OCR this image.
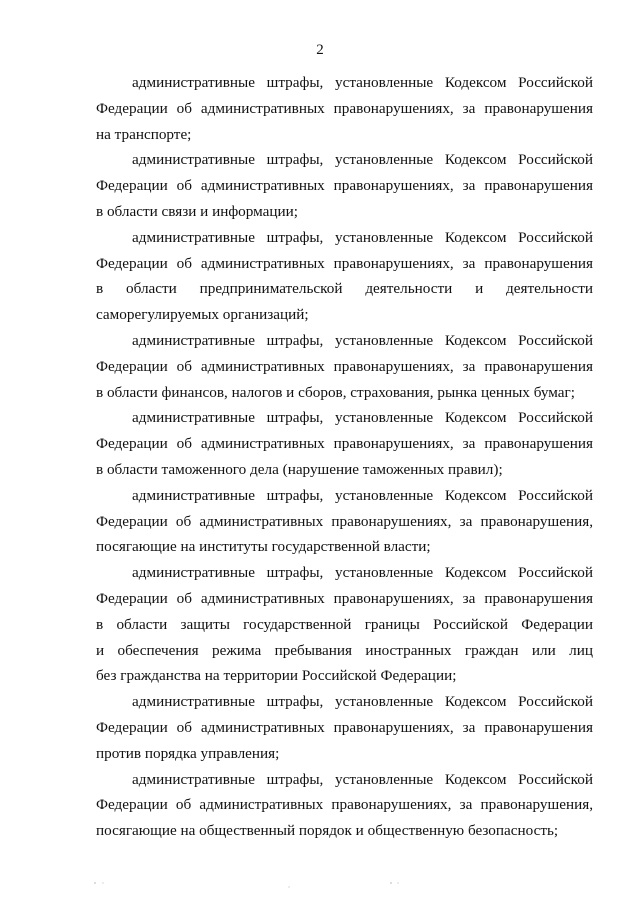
2

административные штрафы, установленные Кодексом Российской
Федерации об административных правонарушениях, за правонарушения
на транспорте;

административные штрафы, установленные Кодексом Российской
Федерации об административных правонарушениях, за правонарушения
в области связи и информации;

административные штрафы, установленные Кодексом Российской
Федерации об административных правонарушениях, за правонарушения
в области предпринимательской деятельности и деятельности
саморегулируемых организаций;

административные штрафы, установленные Кодексом Российской
Федерации об административных правонарушениях, за правонарушения
в области финансов, налогов и сборов, страхования, рынка ценных бумаг;

административные штрафы, установленные Кодексом Российской
Федерации об административных правонарушениях, за правонарушения
в области таможенного дела (нарушение таможенных правил);

административные штрафы, установленные Кодексом Российской
Федерации об административных правонарушениях, за правонарушения,
посягающие на институты государственной власти;

административные штрафы, установленные Кодексом Российской
Федерации об административных правонарушениях, за правонарушения
в области защиты государственной границы Российской Федерации
и обеспечения режима пребывания иностранных граждан или лиц
без гражданства на территории Российской Федерации;

административные штрафы, установленные Кодексом Российской
Федерации об административных правонарушениях, за правонарушения
против порядка управления;

административные штрафы, установленные Кодексом Российской
Федерации об административных правонарушениях, за правонарушения,
посягающие на общественный порядок и общественную безопасность;
